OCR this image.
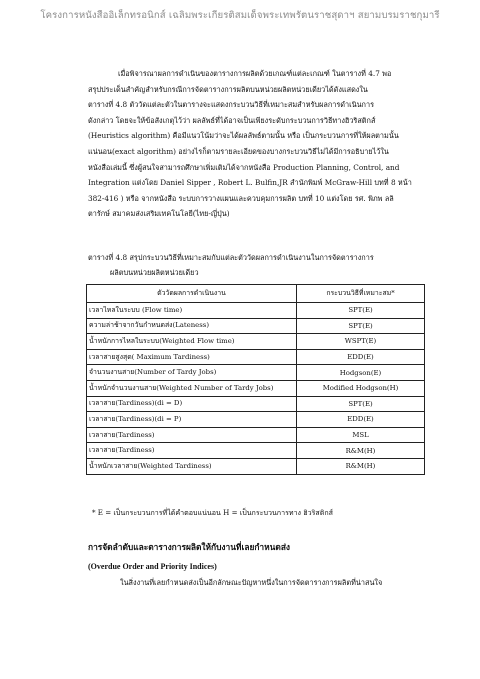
โครงการหนังสืออิเล็กทรอนิกส์ เฉลิมพระเกียรติสมเด็จพระเทพรัตนราชสุดาฯ สยามบรมราชกุมารี
เมื่อพิจารณาผลการดำเนินของตารางการผลิตด้วยเกณฑ์แต่ละเกณฑ์ ในตารางที่ 4.7 พอ
สรุปประเด็นสำคัญสำหรับกรณีการจัดตารางการผลิตบนหน่วยผลิตหน่วยเดียวได้ดังแสดงใน
ตารางที่ 4.8 ตัววัดแต่ละตัวในตารางจะแสดงกระบวนวิธีที่เหมาะสมสำหรับผลการดำเนินการ
ดังกล่าว โดยจะให้ข้อสังเกตุไว้ว่า ผลลัพธ์ที่ได้อาจเป็นเพียงระดับกระบวนการวิธีทางฮิวริสติกส์
(Heuristics algorithm) คือมีแนวโน้มว่าจะได้ผลลัพธ์ตามนั้น หรือ เป็นกระบวนการที่ให้ผลตามนั้น
แน่นอน(exact algorithm) อย่างไรก็ตามรายละเอียดของบางกระบวนวิธีไม่ได้มีการอธิบายไว้ใน
หนังสือเล่มนี้ ซึ่งผู้สนใจสามารถศึกษาเพิ่มเติมได้จากหนังสือ Production Planning, Control, and
Integration แต่งโดย Daniel Sipper , Robert L. Bulfin,JR สำนักพิมพ์ McGraw-Hill บทที่ 8 หน้า
382-416 ) หรือ จากหนังสือ ระบบการวางแผนและควบคุมการผลิต บทที่ 10 แต่งโดย รศ. พิภพ ลลิ
ตารักษ์ สมาคมส่งเสริมเทคโนโลยี(ไทย-ญี่ปุ่น)
ตารางที่ 4.8 สรุปกระบวนวิธีที่เหมาะสมกับแต่ละตัววัดผลการดำเนินงานในการจัดตารางการ
ผลิตบนหน่วยผลิตหน่วยเดียว
ตัววัดผลการดำเนินงาน	กระบวนวิธีที่เหมาะสม*
เวลาไหลในระบบ (Flow time)	SPT(E)
ความล่าช้าจากวันกำหนดส่ง(Lateness)	SPT(E)
น้ำหนักการไหลในระบบ(Weighted Flow time)	WSPT(E)
เวลาสายสูงสุด( Maximum Tardiness)	EDD(E)
จำนวนงานสาย(Number of Tardy Jobs)	Hodgson(E)
น้ำหนักจำนวนงานสาย(Weighted Number of Tardy Jobs)	Modified Hodgson(H)
เวลาสาย(Tardiness)(di = D)	SPT(E)
เวลาสาย(Tardiness)(di = P)	EDD(E)
เวลาสาย(Tardiness)	MSL
เวลาสาย(Tardiness)	R&M(H)
น้ำหนักเวลาสาย(Weighted Tardiness)	R&M(H)
* E = เป็นกระบวนการที่ได้คำตอบแน่นอน H = เป็นกระบวนการทาง ฮิวริสติกส์
การจัดลำดับและตารางการผลิตให้กับงานที่เลยกำหนดส่ง
(Overdue Order and Priority Indices)
ในสิ่งงานที่เลยกำหนดส่งเป็นอีกลักษณะปัญหาหนึ่งในการจัดตารางการผลิตที่น่าสนใจ
